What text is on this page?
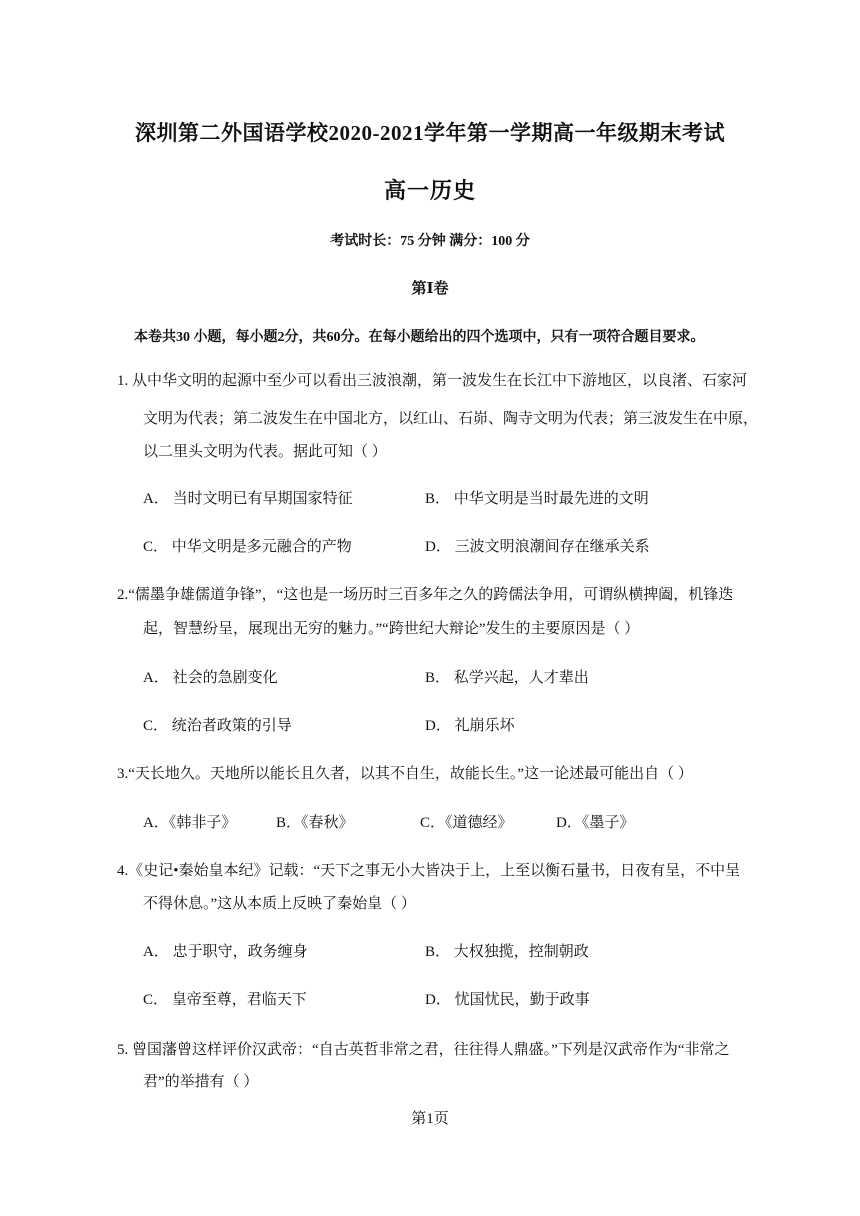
深圳第二外国语学校2020-2021学年第一学期高一年级期末考试
高一历史
考试时长：75 分钟 满分：100 分
第Ⅰ卷
本卷共30 小题，每小题2分，共60分。在每小题给出的四个选项中，只有一项符合题目要求。
1. 从中华文明的起源中至少可以看出三波浪潮，第一波发生在长江中下游地区，以良渚、石家河
文明为代表；第二波发生在中国北方，以红山、石峁、陶寺文明为代表；第三波发生在中原，
以二里头文明为代表。据此可知（ ）
A． 当时文明已有早期国家特征	B． 中华文明是当时最先进的文明
C． 中华文明是多元融合的产物	D． 三波文明浪潮间存在继承关系
2.“儒墨争雄儒道争锋”，“这也是一场历时三百多年之久的跨儒法争用，可谓纵横捭阖，机锋迭
起，智慧纷呈，展现出无穷的魅力。”“跨世纪大辩论”发生的主要原因是（ ）
A． 社会的急剧变化	B． 私学兴起，人才辈出
C． 统治者政策的引导	D． 礼崩乐坏
3.“天长地久。天地所以能长且久者，以其不自生，故能长生。”这一论述最可能出自（ ）
A．《韩非子》	B．《春秋》	C．《道德经》	D．《墨子》
4.《史记•秦始皇本纪》记载：“天下之事无小大皆决于上，上至以衡石量书，日夜有呈，不中呈
不得休息。”这从本质上反映了秦始皇（ ）
A． 忠于职守，政务缠身	B． 大权独揽，控制朝政
C． 皇帝至尊，君临天下	D． 忧国忧民，勤于政事
5. 曾国藩曾这样评价汉武帝：“自古英哲非常之君，往往得人鼎盛。”下列是汉武帝作为“非常之
君”的举措有（ ）
第1页
